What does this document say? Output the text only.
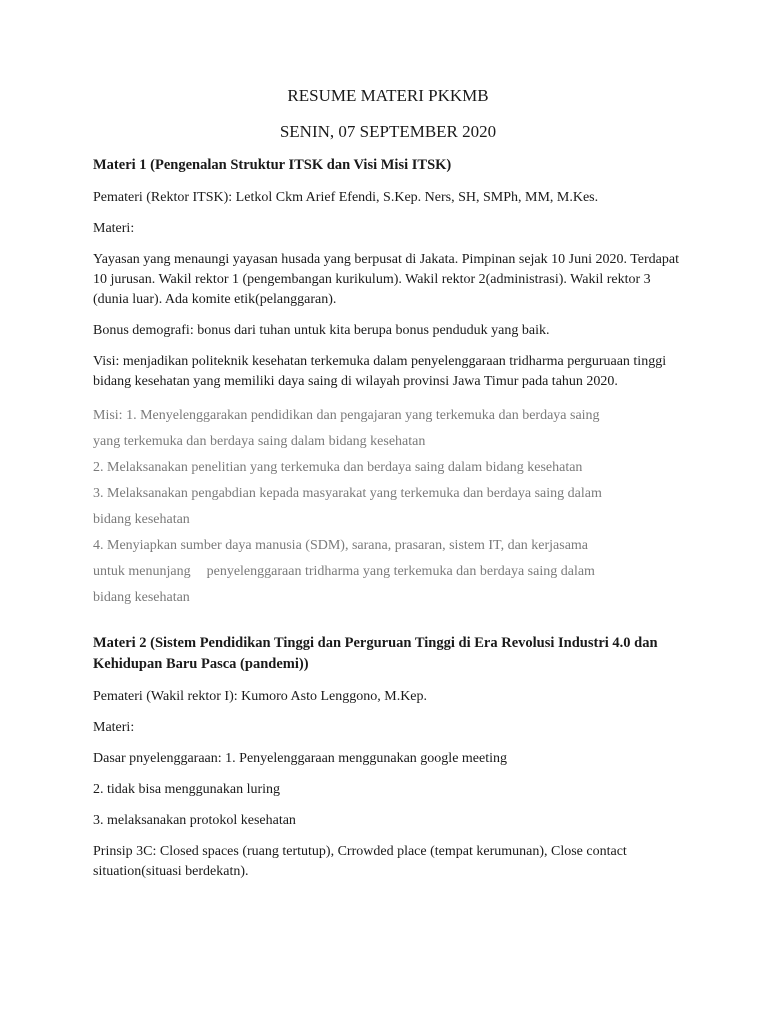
RESUME MATERI PKKMB

SENIN, 07 SEPTEMBER 2020

Materi 1 (Pengenalan Struktur ITSK dan Visi Misi ITSK)

Pemateri (Rektor ITSK): Letkol Ckm Arief Efendi, S.Kep. Ners, SH, SMPh, MM, M.Kes.

Materi:

Yayasan yang menaungi yayasan husada yang berpusat di Jakata. Pimpinan sejak 10 Juni 2020. Terdapat 10 jurusan. Wakil rektor 1 (pengembangan kurikulum). Wakil rektor 2(administrasi). Wakil rektor 3 (dunia luar). Ada komite etik(pelanggaran).

Bonus demografi: bonus dari tuhan untuk kita berupa bonus penduduk yang baik.

Visi: menjadikan politeknik kesehatan terkemuka dalam penyelenggaraan tridharma perguruaan tinggi bidang kesehatan yang memiliki daya saing di wilayah provinsi Jawa Timur pada tahun 2020.

Misi: 1. Menyelenggarakan pendidikan dan pengajaran yang terkemuka dan berdaya saing

yang terkemuka dan berdaya saing dalam bidang kesehatan

2. Melaksanakan penelitian yang terkemuka dan berdaya saing dalam bidang kesehatan

3. Melaksanakan pengabdian kepada masyarakat yang terkemuka dan berdaya saing dalam

bidang kesehatan

4. Menyiapkan sumber daya manusia (SDM), sarana, prasaran, sistem IT, dan kerjasama

untuk menunjang penyelenggaraan tridharma yang terkemuka dan berdaya saing dalam

bidang kesehatan

Materi 2 (Sistem Pendidikan Tinggi dan Perguruan Tinggi di Era Revolusi Industri 4.0 dan Kehidupan Baru Pasca (pandemi))

Pemateri (Wakil rektor I): Kumoro Asto Lenggono, M.Kep.

Materi:

Dasar pnyelenggaraan: 1. Penyelenggaraan menggunakan google meeting

2. tidak bisa menggunakan luring

3. melaksanakan protokol kesehatan

Prinsip 3C: Closed spaces (ruang tertutup), Crrowded place (tempat kerumunan), Close contact situation(situasi berdekatn).
